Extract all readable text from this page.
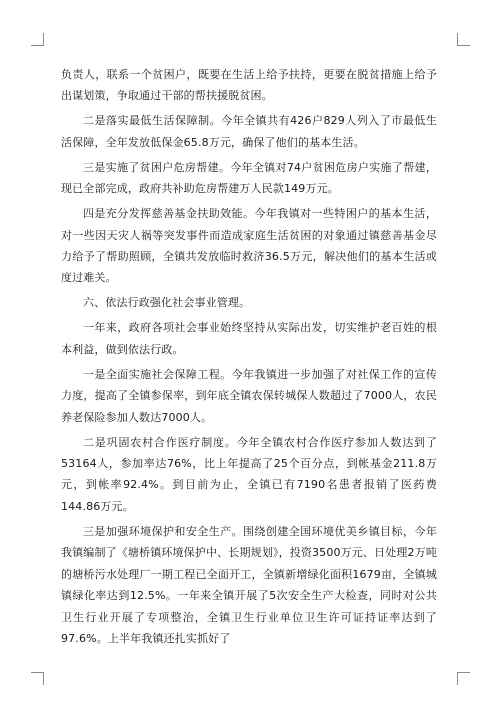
负责人，联系一个贫困户，既要在生活上给予扶持，更要在脱贫措施上给予出谋划策，争取通过干部的帮扶援脱贫困。

二是落实最低生活保障制。今年全镇共有426户829人列入了市最低生活保障，全年发放低保金65.8万元，确保了他们的基本生活。

三是实施了贫困户危房帮建。今年全镇对74户贫困危房户实施了帮建，现已全部完成，政府共补助危房帮建万人民款149万元。

四是充分发挥慈善基金扶助效能。今年我镇对一些特困户的基本生活，对一些因天灾人祸等突发事件而造成家庭生活贫困的对象通过镇慈善基金尽力给予了帮助照顾，全镇共发放临时救济36.5万元，解决他们的基本生活或度过难关。

六、依法行政强化社会事业管理。

一年来，政府各项社会事业始终坚持从实际出发，切实维护老百姓的根本利益，做到依法行政。

一是全面实施社会保障工程。今年我镇进一步加强了对社保工作的宣传力度，提高了全镇参保率，到年底全镇农保转城保人数超过了7000人，农民养老保险参加人数达7000人。

二是巩固农村合作医疗制度。今年全镇农村合作医疗参加人数达到了53164人，参加率达76%，比上年提高了25个百分点，到帐基金211.8万元，到帐率92.4%。到目前为止，全镇已有7190名患者报销了医药费144.86万元。

三是加强环境保护和安全生产。围绕创建全国环境优美乡镇目标，今年我镇编制了《塘桥镇环境保护中、长期规划》，投资3500万元、日处理2万吨的塘桥污水处理厂一期工程已全面开工，全镇新增绿化面积1679亩，全镇城镇绿化率达到12.5%。一年来全镇开展了5次安全生产大检查，同时对公共卫生行业开展了专项整治，全镇卫生行业单位卫生许可证持证率达到了97.6%。上半年我镇还扎实抓好了
